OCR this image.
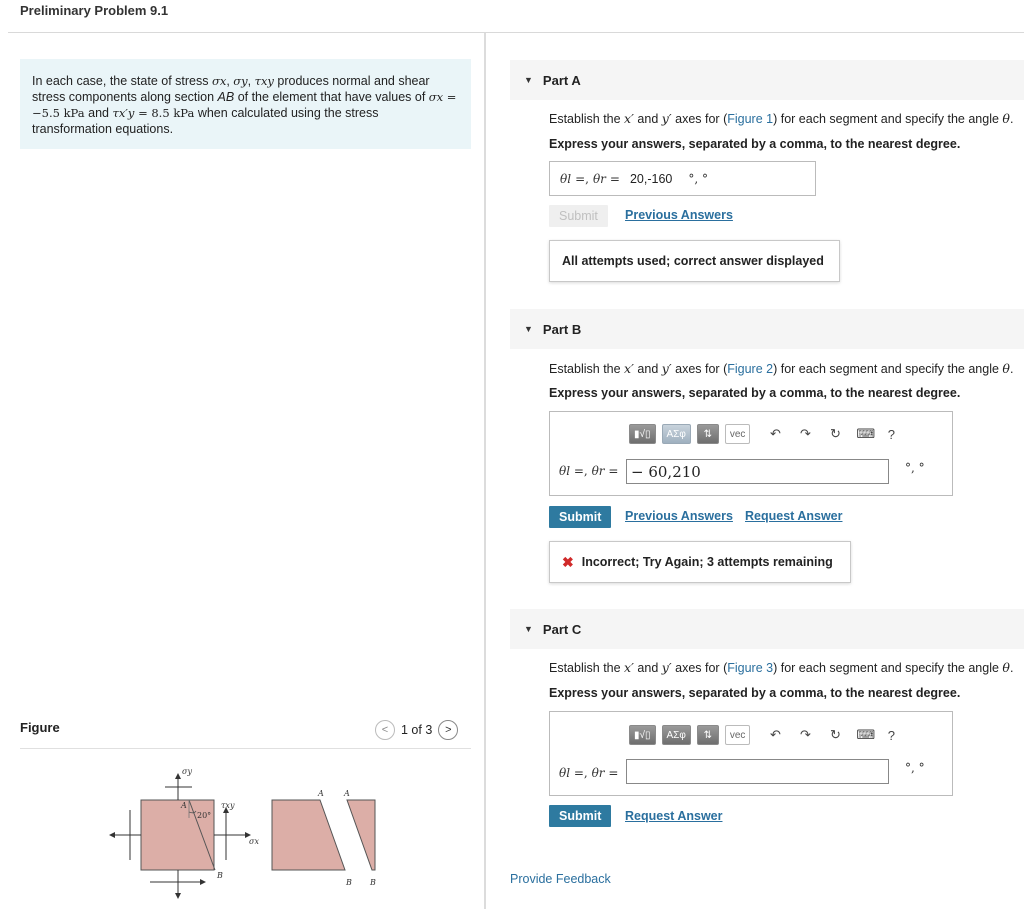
Preliminary Problem 9.1
In each case, the state of stress σx, σy, τxy produces normal and shear stress components along section AB of the element that have values of σx = −5.5 kPa and τx′y = 8.5 kPa when calculated using the stress transformation equations.
Figure	<	1 of 3	>
σy
τxy
σx
20°
A
B
A	A
B B
▼ Part A
Establish the x′ and y′ axes for (Figure 1) for each segment and specify the angle θ.
Express your answers, separated by a comma, to the nearest degree.
θl =, θr = 20,-160 °, °
Submit	Previous Answers
All attempts used; correct answer displayed
▼ Part B
Establish the x′ and y′ axes for (Figure 2) for each segment and specify the angle θ.
Express your answers, separated by a comma, to the nearest degree.
▮√▯	ΑΣφ	⇅	vec	↶ ↷ ↻ ⌨ ?
θl =, θr = − 60,210	°, °
Submit	Previous Answers Request Answer
✖ Incorrect; Try Again; 3 attempts remaining
▼ Part C
Establish the x′ and y′ axes for (Figure 3) for each segment and specify the angle θ.
Express your answers, separated by a comma, to the nearest degree.
▮√▯	ΑΣφ	⇅	vec	↶ ↷ ↻ ⌨ ?
θl =, θr =	°, °
Submit	Request Answer
Provide Feedback
